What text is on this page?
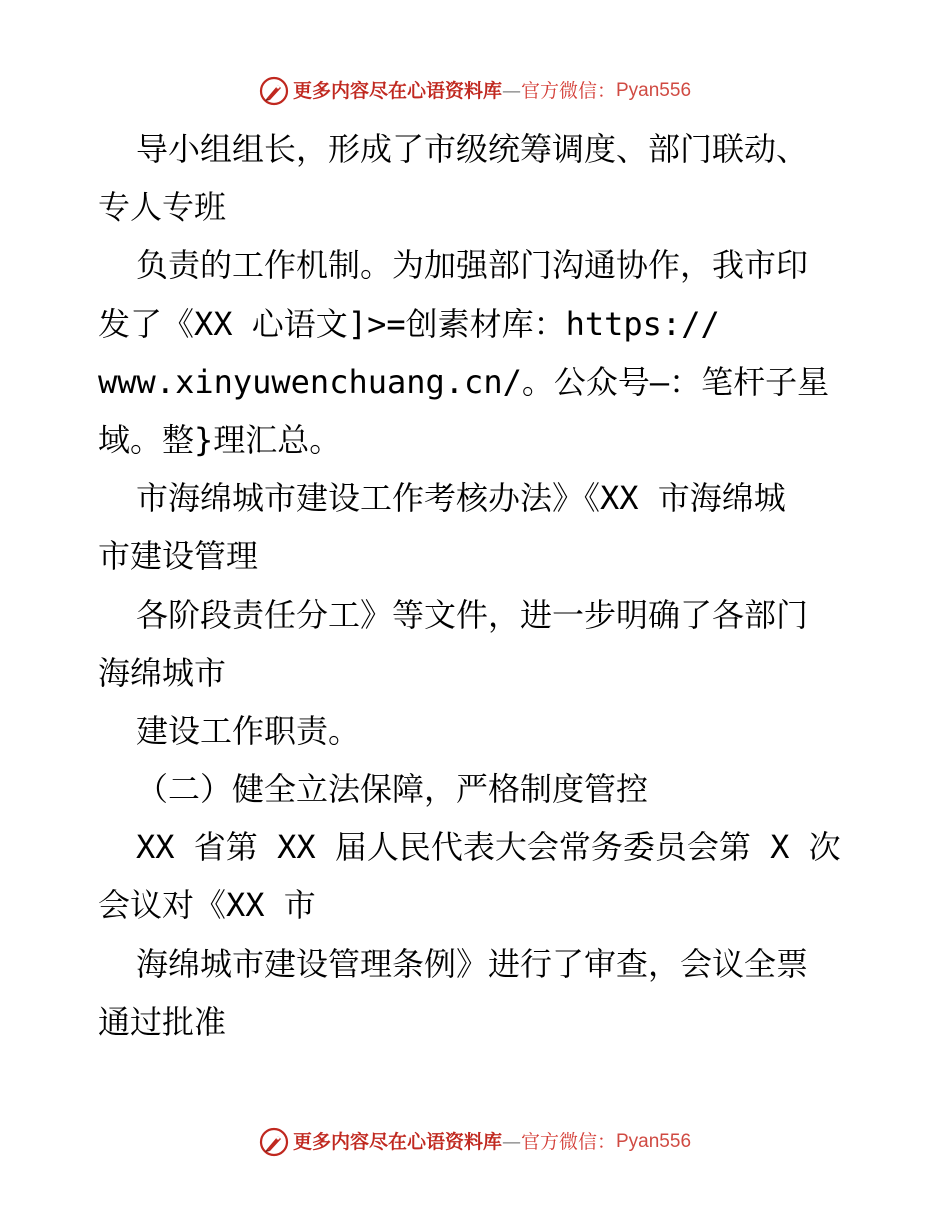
更多内容尽在心语资料库—官方微信：Pyan556
导小组组长，形成了市级统筹调度、部门联动、
专人专班
负责的工作机制。为加强部门沟通协作，我市印
发了《XX 心语文]>=创素材库：https://
www.xinyuwenchuang.cn/。公众号—：笔杆子星
域。整}理汇总。
市海绵城市建设工作考核办法》《XX 市海绵城
市建设管理
各阶段责任分工》等文件，进一步明确了各部门
海绵城市
建设工作职责。
（二）健全立法保障，严格制度管控
XX 省第 XX 届人民代表大会常务委员会第 X 次
会议对《XX 市
海绵城市建设管理条例》进行了审查，会议全票
通过批准
更多内容尽在心语资料库—官方微信：Pyan556
